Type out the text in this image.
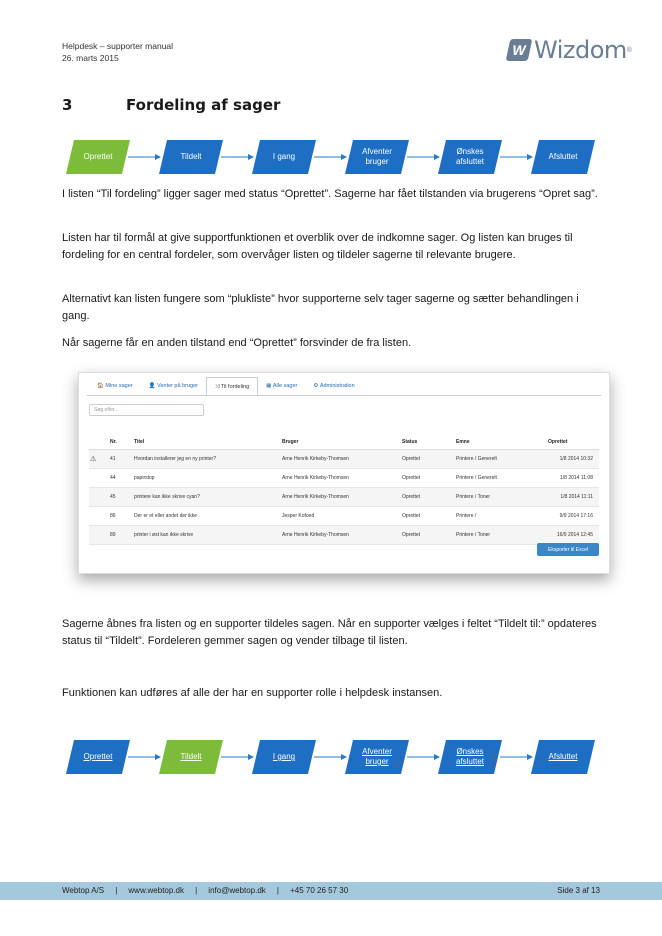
Helpdesk – supporter manual
26. marts 2015	W Wizdom ®
3	Fordeling af sager
Oprettet	Tildelt	I gang
Afventer bruger
Ønskes afsluttet
Afsluttet
I listen “Til fordeling” ligger sager med status “Oprettet”. Sagerne har fået tilstanden via brugerens “Opret sag”.
Listen har til formål at give supportfunktionen et overblik over de indkomne sager. Og listen kan bruges til fordeling for en central fordeler, som overvåger listen og tildeler sagerne til relevante brugere.
Alternativt kan listen fungere som “plukliste” hvor supporterne selv tager sagerne og sætter behandlingen i gang.
Når sagerne får en anden tilstand end “Oprettet” forsvinder de fra listen.
🏠 Mine sager	👤 Venter på bruger	⤨ Til fordeling	▦ Alle sager	⚙ Administration
Søg efter...
	Nr.	Titel	Bruger	Status	Emne	Oprettet
⚠	41	Hvordan installerer jeg en ny printer?	Arne Henrik Kirkeby-Thomsen	Oprettet	Printere / Generelt	1/8 2014 10:32
	44	papirstop	Arne Henrik Kirkeby-Thomsen	Oprettet	Printere / Generelt	1/8 2014 11:08
	45	printere kan ikke skrive cyan?	Arne Henrik Kirkeby-Thomsen	Oprettet	Printere / Toner	1/8 2014 11:11
	86	Der er et eller andet der ikke	Jesper Kofoed	Oprettet	Printere /	9/9 2014 17:16
	89	printer i øst kan ikke skrive	Arne Henrik Kirkeby-Thomsen	Oprettet	Printere / Toner	16/9 2014 12:45
Eksporter til Excel
Sagerne åbnes fra listen og en supporter tildeles sagen. Når en supporter vælges i feltet “Tildelt til:” opdateres status til “Tildelt”. Fordeleren gemmer sagen og vender tilbage til listen.
Funktionen kan udføres af alle der har en supporter rolle i helpdesk instansen.
Oprettet	Tildelt	I gang
Afventer bruger
Ønskes afsluttet
Afsluttet
Webtop A/S     |     www.webtop.dk     |     info@webtop.dk     |     +45 70 26 57 30	Side 3 af 13
